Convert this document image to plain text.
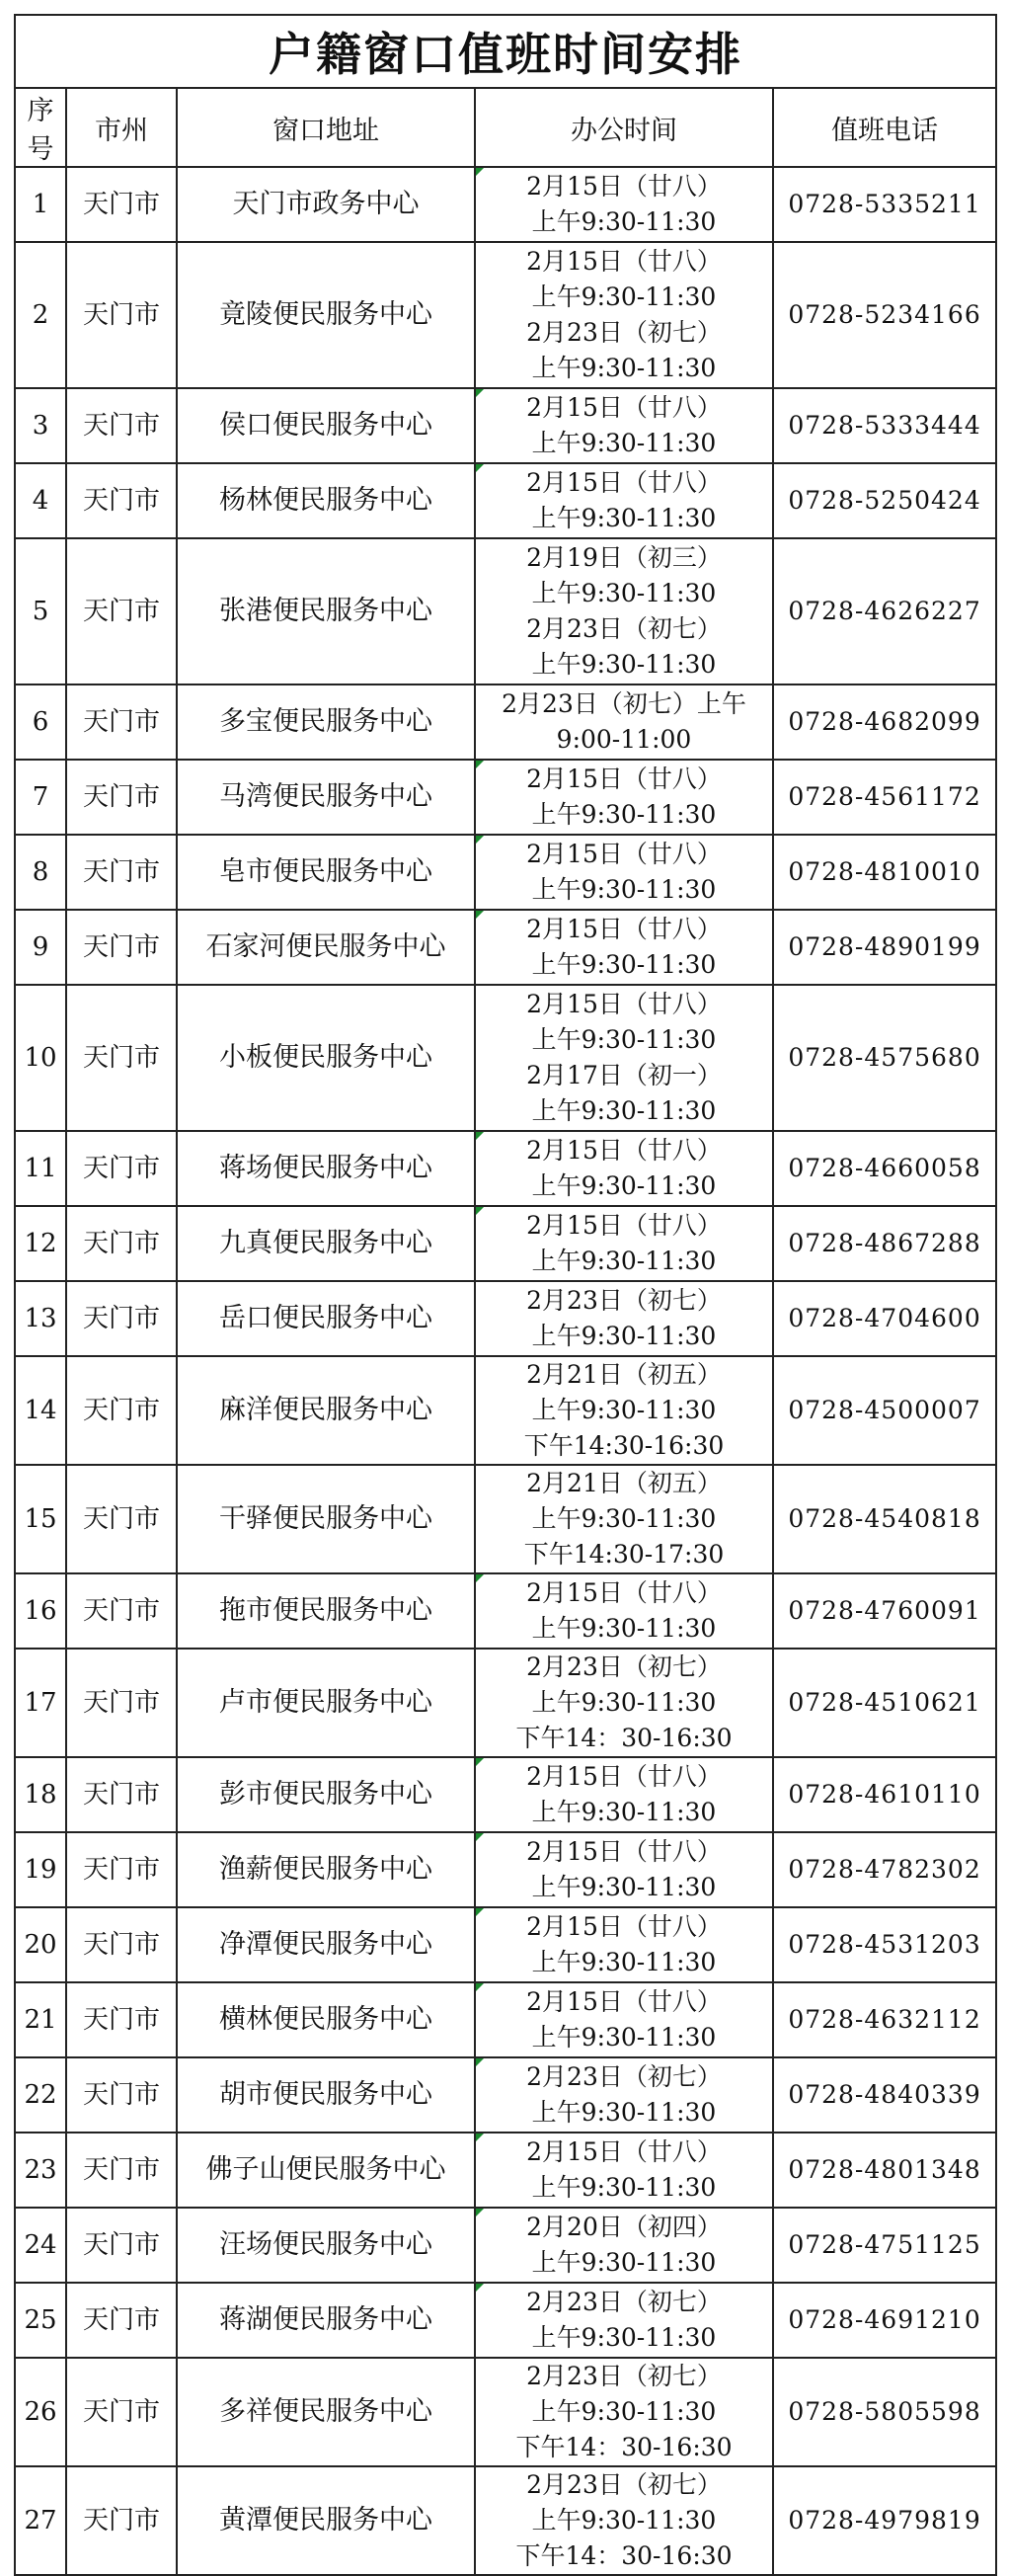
户籍窗口值班时间安排				
序号	市州	窗口地址	办公时间	值班电话
1	天门市	天门市政务中心	2月15日（廿八）
上午9:30-11:30	0728-5335211
2	天门市	竟陵便民服务中心	2月15日（廿八）
上午9:30-11:30
2月23日（初七）
上午9:30-11:30	0728-5234166
3	天门市	侯口便民服务中心	2月15日（廿八）
上午9:30-11:30	0728-5333444
4	天门市	杨林便民服务中心	2月15日（廿八）
上午9:30-11:30	0728-5250424
5	天门市	张港便民服务中心	2月19日（初三）
上午9:30-11:30
2月23日（初七）
上午9:30-11:30	0728-4626227
6	天门市	多宝便民服务中心	2月23日（初七）上午
9:00-11:00	0728-4682099
7	天门市	马湾便民服务中心	2月15日（廿八）
上午9:30-11:30	0728-4561172
8	天门市	皂市便民服务中心	2月15日（廿八）
上午9:30-11:30	0728-4810010
9	天门市	石家河便民服务中心	2月15日（廿八）
上午9:30-11:30	0728-4890199
10	天门市	小板便民服务中心	2月15日（廿八）
上午9:30-11:30
2月17日（初一）
上午9:30-11:30	0728-4575680
11	天门市	蒋场便民服务中心	2月15日（廿八）
上午9:30-11:30	0728-4660058
12	天门市	九真便民服务中心	2月15日（廿八）
上午9:30-11:30	0728-4867288
13	天门市	岳口便民服务中心	2月23日（初七）
上午9:30-11:30	0728-4704600
14	天门市	麻洋便民服务中心	2月21日（初五）
上午9:30-11:30
下午14:30-16:30	0728-4500007
15	天门市	干驿便民服务中心	2月21日（初五）
上午9:30-11:30
下午14:30-17:30	0728-4540818
16	天门市	拖市便民服务中心	2月15日（廿八）
上午9:30-11:30	0728-4760091
17	天门市	卢市便民服务中心	2月23日（初七）
上午9:30-11:30
下午14：30-16:30	0728-4510621
18	天门市	彭市便民服务中心	2月15日（廿八）
上午9:30-11:30	0728-4610110
19	天门市	渔薪便民服务中心	2月15日（廿八）
上午9:30-11:30	0728-4782302
20	天门市	净潭便民服务中心	2月15日（廿八）
上午9:30-11:30	0728-4531203
21	天门市	横林便民服务中心	2月15日（廿八）
上午9:30-11:30	0728-4632112
22	天门市	胡市便民服务中心	2月23日（初七）
上午9:30-11:30	0728-4840339
23	天门市	佛子山便民服务中心	2月15日（廿八）
上午9:30-11:30	0728-4801348
24	天门市	汪场便民服务中心	2月20日（初四）
上午9:30-11:30	0728-4751125
25	天门市	蒋湖便民服务中心	2月23日（初七）
上午9:30-11:30	0728-4691210
26	天门市	多祥便民服务中心	2月23日（初七）
上午9:30-11:30
下午14：30-16:30	0728-5805598
27	天门市	黄潭便民服务中心	2月23日（初七）
上午9:30-11:30
下午14：30-16:30	0728-4979819
